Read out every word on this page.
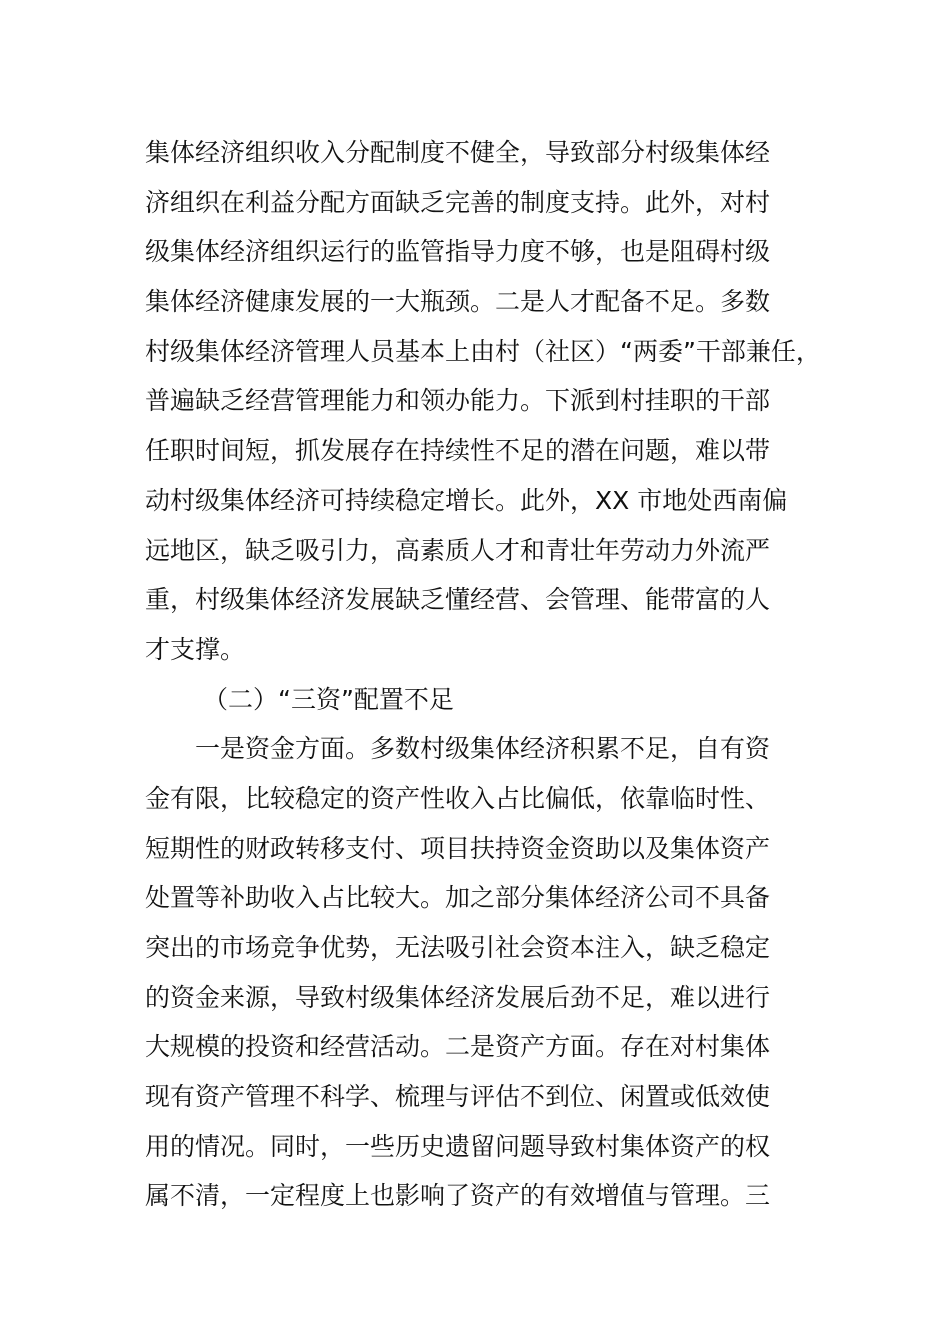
集体经济组织收入分配制度不健全，导致部分村级集体经
济组织在利益分配方面缺乏完善的制度支持。此外，对村
级集体经济组织运行的监管指导力度不够，也是阻碍村级
集体经济健康发展的一大瓶颈。二是人才配备不足。多数
村级集体经济管理人员基本上由村（社区）“两委”干部兼任，
普遍缺乏经营管理能力和领办能力。下派到村挂职的干部
任职时间短，抓发展存在持续性不足的潜在问题，难以带
动村级集体经济可持续稳定增长。此外，XX 市地处西南偏
远地区，缺乏吸引力，高素质人才和青壮年劳动力外流严
重，村级集体经济发展缺乏懂经营、会管理、能带富的人
才支撑。
（二）“三资”配置不足
一是资金方面。多数村级集体经济积累不足，自有资
金有限，比较稳定的资产性收入占比偏低，依靠临时性、
短期性的财政转移支付、项目扶持资金资助以及集体资产
处置等补助收入占比较大。加之部分集体经济公司不具备
突出的市场竞争优势，无法吸引社会资本注入，缺乏稳定
的资金来源，导致村级集体经济发展后劲不足，难以进行
大规模的投资和经营活动。二是资产方面。存在对村集体
现有资产管理不科学、梳理与评估不到位、闲置或低效使
用的情况。同时，一些历史遗留问题导致村集体资产的权
属不清，一定程度上也影响了资产的有效增值与管理。三
